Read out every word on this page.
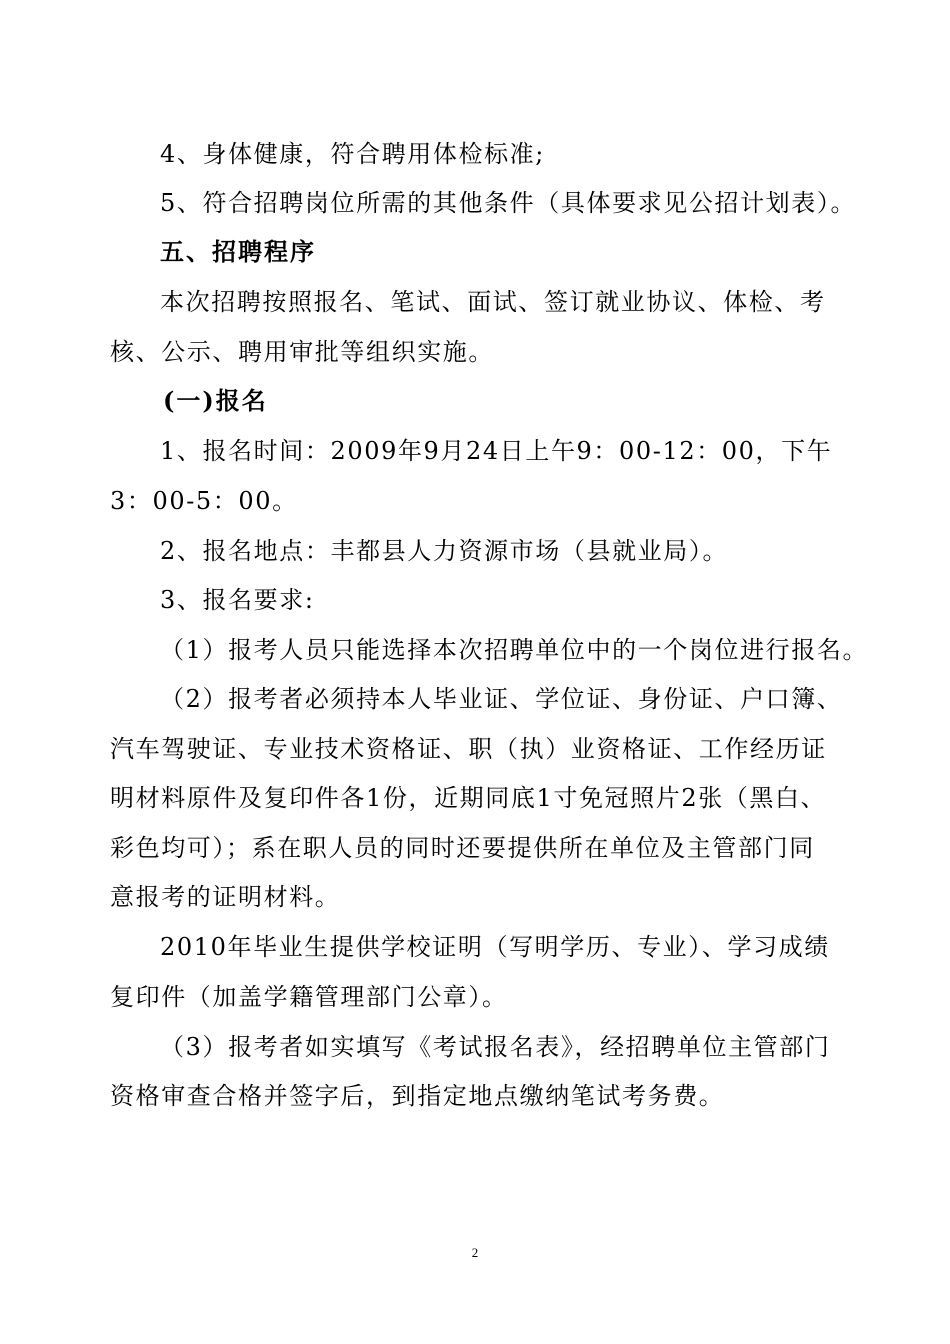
4、身体健康，符合聘用体检标准;
5、符合招聘岗位所需的其他条件（具体要求见公招计划表）。
五、招聘程序
本次招聘按照报名、笔试、面试、签订就业协议、体检、考
核、公示、聘用审批等组织实施。
(一)报名
1、报名时间：2009年9月24日上午9：00-12：00，下午
3：00-5：00。
2、报名地点：丰都县人力资源市场（县就业局）。
3、报名要求:
（1）报考人员只能选择本次招聘单位中的一个岗位进行报名。
（2）报考者必须持本人毕业证、学位证、身份证、户口簿、
汽车驾驶证、专业技术资格证、职（执）业资格证、工作经历证
明材料原件及复印件各1份，近期同底1寸免冠照片2张（黑白、
彩色均可）；系在职人员的同时还要提供所在单位及主管部门同
意报考的证明材料。
2010年毕业生提供学校证明（写明学历、专业）、学习成绩
复印件（加盖学籍管理部门公章）。
（3）报考者如实填写《考试报名表》，经招聘单位主管部门
资格审查合格并签字后，到指定地点缴纳笔试考务费。
2
